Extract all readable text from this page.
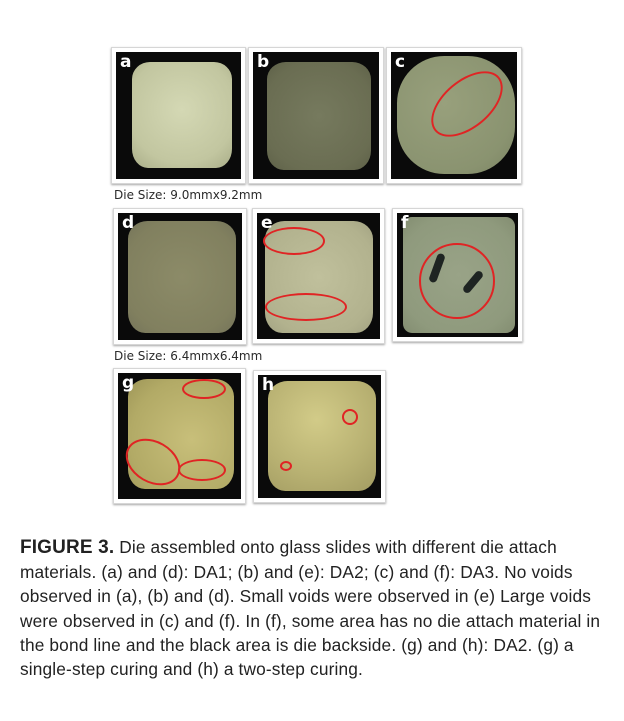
a	b	c
Die Size: 9.0mmx9.2mm
d	e	f
Die Size: 6.4mmx6.4mm
g	h
FIGURE 3. Die assembled onto glass slides with different die attach materials. (a) and (d): DA1; (b) and (e): DA2; (c) and (f): DA3. No voids observed in (a), (b) and (d). Small voids were observed in (e) Large voids were observed in (c) and (f). In (f), some area has no die attach material in the bond line and the black area is die backside. (g) and (h): DA2. (g) a single-step curing and (h) a two-step curing.
